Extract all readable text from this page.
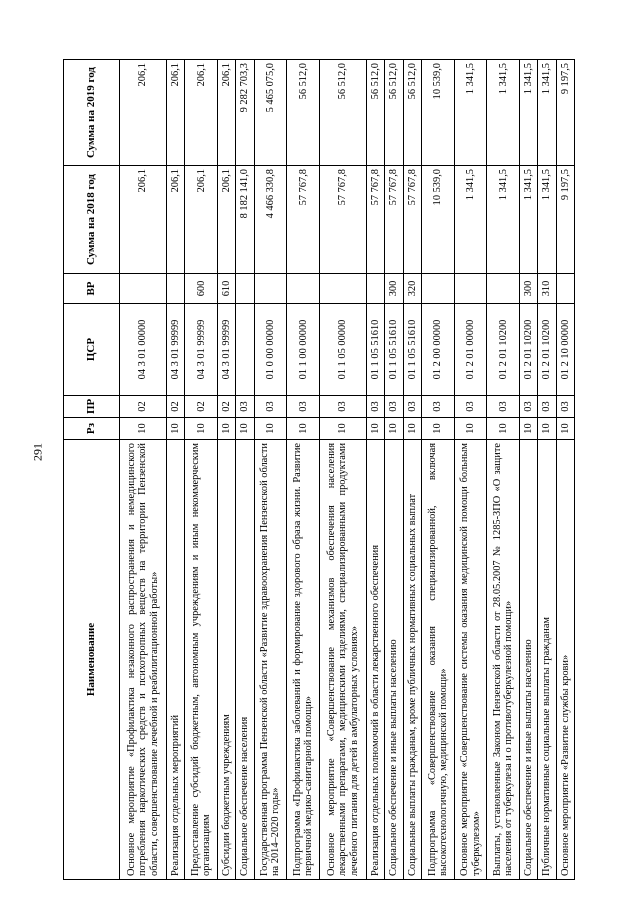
291
Наименование	Рз	ПР	ЦСР	ВР	Сумма на 2018 год	Сумма на 2019 год
Основное мероприятие «Профилактика незаконного распространения и немедицинского потребления наркотических средств и психотропных веществ на территории Пензенской области, совершенствование лечебной и реабилитационной работы»	10	02	04 3 01 00000		206,1	206,1
Реализация отдельных мероприятий	10	02	04 3 01 99999		206,1	206,1
Предоставление субсидий бюджетным, автономным учреждениям и иным некоммерческим организациям	10	02	04 3 01 99999	600	206,1	206,1
Субсидии бюджетным учреждениям	10	02	04 3 01 99999	610	206,1	206,1
Социальное обеспечение населения	10	03			8 182 141,0	9 282 703,3
Государственная программа Пензенской области «Развитие здравоохранения Пензенской области на 2014–2020 годы»	10	03	01 0 00 00000		4 466 330,8	5 465 075,0
Подпрограмма «Профилактика заболеваний и формирование здорового образа жизни. Развитие первичной медико-санитарной помощи»	10	03	01 1 00 00000		57 767,8	56 512,0
Основное мероприятие «Совершенствование механизмов обеспечения населения лекарственными препаратами, медицинскими изделиями, специализированными продуктами лечебного питания для детей в амбулаторных условиях»	10	03	01 1 05 00000		57 767,8	56 512,0
Реализация отдельных полномочий в области лекарственного обеспечения	10	03	01 1 05 51610		57 767,8	56 512,0
Социальное обеспечение и иные выплаты населению	10	03	01 1 05 51610	300	57 767,8	56 512,0
Социальные выплаты гражданам, кроме публичных нормативных социальных выплат	10	03	01 1 05 51610	320	57 767,8	56 512,0
Подпрограмма «Совершенствование оказания специализированной, включая высокотехнологичную, медицинской помощи»	10	03	01 2 00 00000		10 539,0	10 539,0
Основное мероприятие «Совершенствование системы оказания медицинской помощи больным туберкулезом»	10	03	01 2 01 00000		1 341,5	1 341,5
Выплаты, установленные Законом Пензенской области от 28.05.2007 № 1285-ЗПО «О защите населения от туберкулеза и о противотуберкулезной помощи»	10	03	01 2 01 10200		1 341,5	1 341,5
Социальное обеспечение и иные выплаты населению	10	03	01 2 01 10200	300	1 341,5	1 341,5
Публичные нормативные социальные выплаты гражданам	10	03	01 2 01 10200	310	1 341,5	1 341,5
Основное мероприятие «Развитие службы крови»	10	03	01 2 10 00000		9 197,5	9 197,5
